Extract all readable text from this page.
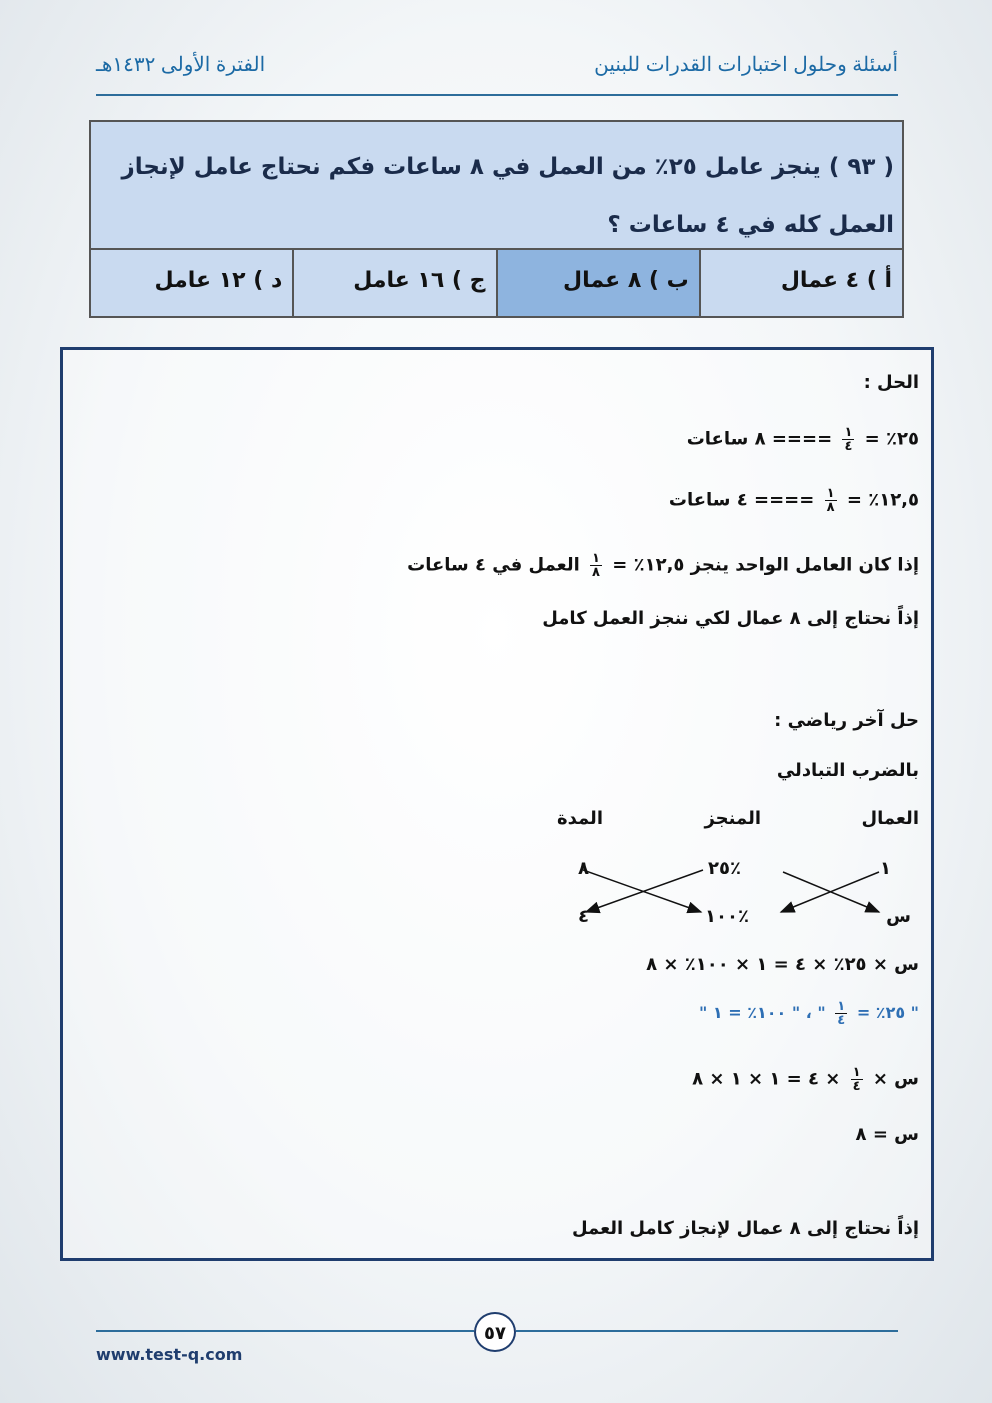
أسئلة وحلول اختبارات القدرات للبنين
الفترة الأولى ١٤٣٢هـ
( ٩٣ ) ينجز عامل ٢٥٪ من العمل في ٨ ساعات فكم نحتاج عامل لإنجاز العمل كله في ٤ ساعات ؟
أ ) ٤ عمال
ب ) ٨ عمال
ج ) ١٦ عامل
د ) ١٢ عامل
الحل :
٢٥٪ =
$\frac{١}{٤}$
==== ٨ ساعات
١٢,٥٪ =
$\frac{١}{٨}$
==== ٤ ساعات
إذا كان العامل الواحد ينجز ١٢,٥٪ =
$\frac{١}{٨}$
العمل في ٤ ساعات
إذاً نحتاج إلى ٨ عمال لكي ننجز العمل كامل
حل آخر رياضي :
بالضرب التبادلي
العمال
المنجز
المدة
١
٢٥٪
٨
س
١٠٠٪
٤
س × ٢٥٪ × ٤ = ١ × ١٠٠٪ × ٨
" ٢٥٪ =
$\frac{١}{٤}$
" ، " ١٠٠٪ = ١ "
س ×
$\frac{١}{٤}$
× ٤ = ١ × ١ × ٨
س = ٨
إذاً نحتاج إلى ٨ عمال لإنجاز كامل العمل
٥٧
www.test-q.com
